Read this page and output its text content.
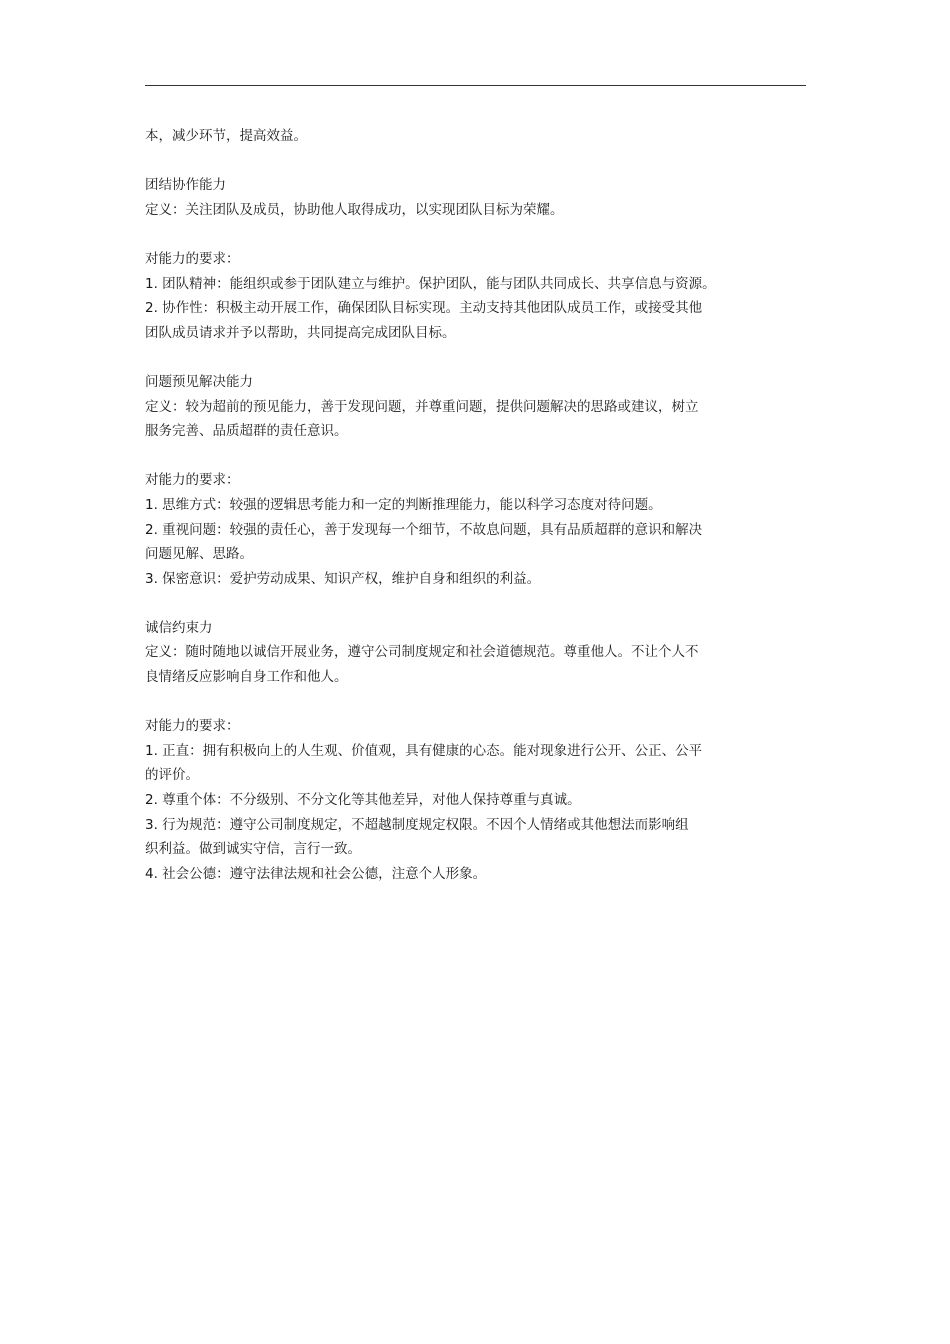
本，减少环节，提高效益。
团结协作能力
定义：关注团队及成员，协助他人取得成功，以实现团队目标为荣耀。
对能力的要求：
1. 团队精神：能组织或参于团队建立与维护。保护团队，能与团队共同成长、共享信息与资源。
2. 协作性：积极主动开展工作，确保团队目标实现。主动支持其他团队成员工作，或接受其他
团队成员请求并予以帮助，共同提高完成团队目标。
问题预见解决能力
定义：较为超前的预见能力，善于发现问题，并尊重问题，提供问题解决的思路或建议，树立
服务完善、品质超群的责任意识。
对能力的要求：
1. 思维方式：较强的逻辑思考能力和一定的判断推理能力，能以科学习态度对待问题。
2. 重视问题：较强的责任心，善于发现每一个细节，不故息问题，具有品质超群的意识和解决
问题见解、思路。
3. 保密意识：爱护劳动成果、知识产权，维护自身和组织的利益。
诚信约束力
定义：随时随地以诚信开展业务，遵守公司制度规定和社会道德规范。尊重他人。不让个人不
良情绪反应影响自身工作和他人。
对能力的要求：
1. 正直：拥有积极向上的人生观、价值观，具有健康的心态。能对现象进行公开、公正、公平
的评价。
2. 尊重个体：不分级别、不分文化等其他差异，对他人保持尊重与真诚。
3. 行为规范：遵守公司制度规定，不超越制度规定权限。不因个人情绪或其他想法而影响组
织利益。做到诚实守信，言行一致。
4. 社会公德：遵守法律法规和社会公德，注意个人形象。
